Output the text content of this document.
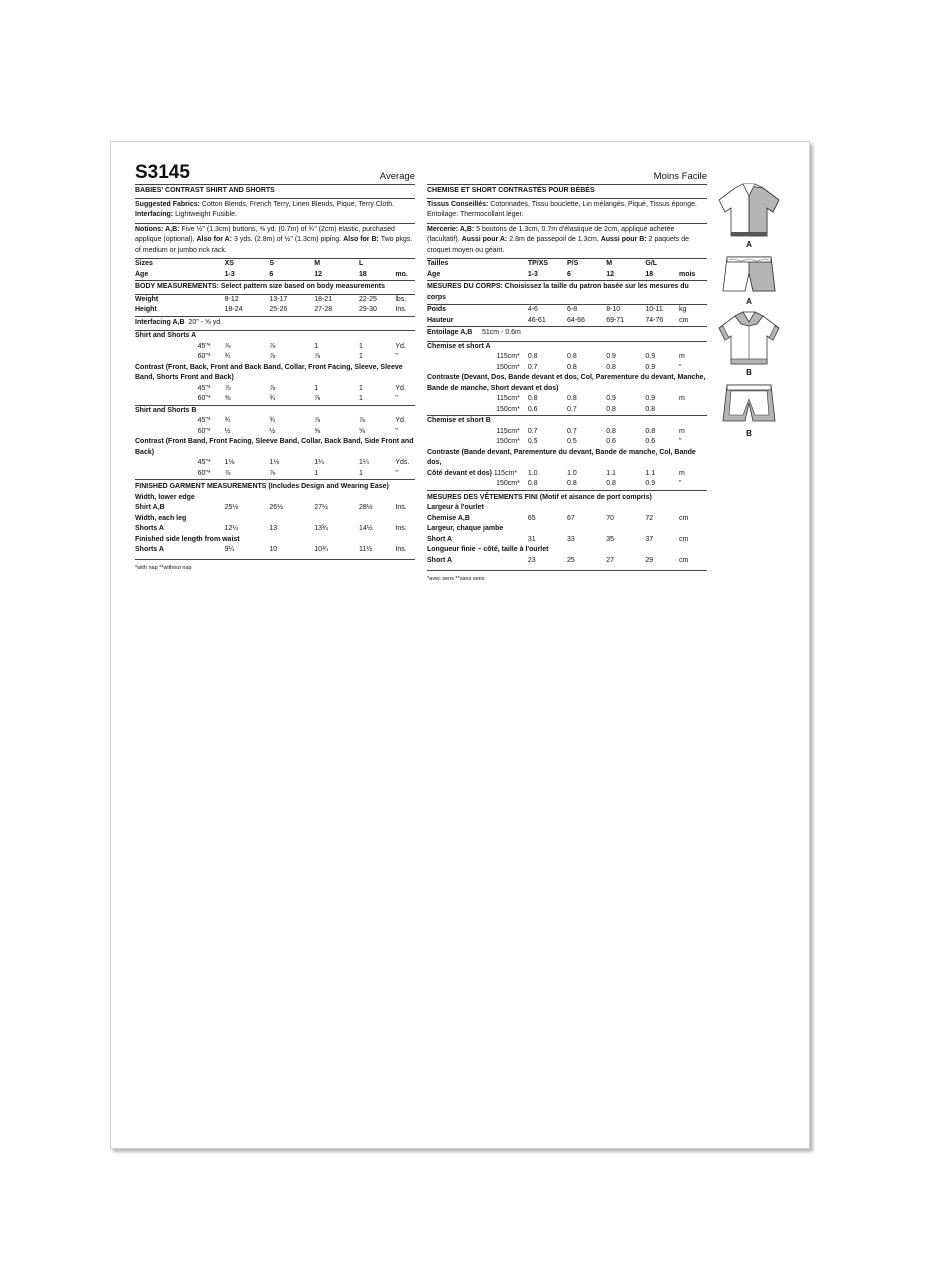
S3145	Average
BABIES' CONTRAST SHIRT AND SHORTS
Suggested Fabrics: Cotton Blends, French Terry, Linen Blends, Pique, Terry Cloth.
Interfacing: Lightweight Fusible.
Notions: A,B: Five ½" (1.3cm) buttons, ⅜ yd. (0.7m) of ¾" (2cm) elastic, purchased applique (optional). Also for A: 3 yds. (2.8m) of ½" (1.3cm) piping. Also for B: Two pkgs. of medium or jumbo rick rack.
Sizes	XS	S	M	L	
Age	1-3	6	12	18	mo.
BODY MEASUREMENTS: Select pattern size based on body measurements
Weight	8-12	13-17	18-21	22-25	lbs.
Height	18-24	25-26	27-28	29-30	Ins.
Interfacing A,B 20" - ⅝ yd.
Shirt and Shorts A					
45"*	⅞	⅞	1	1	Yd.
60"*	¾	⅞	⅞	1	"
Contrast (Front, Back, Front and Back Band, Collar, Front Facing, Sleeve, Sleeve Band, Shorts Front and Back)					
45"*	⅞	⅞	1	1	Yd.
60"*	⅝	¾	⅞	1	"
Shirt and Shorts B					
45"*	¾	¾	⅞	⅞	Yd.
60"*	½	½	⅝	⅝	"
Contrast (Front Band, Front Facing, Sleeve Band, Collar, Back Band, Side Front and Back)					
45"*	1⅛	1⅛	1¼	1¼	Yds.
60"*	⅞	⅞	1	1	"
FINISHED GARMENT MEASUREMENTS (Includes Design and Wearing Ease)
Width, lower edge					
Shirt A,B	25½	26½	27½	28½	Ins.
Width, each leg					
Shorts A	12¼	13	13¾	14½	Ins.
Finished side length from waist					
Shorts A	9¼	10	10¾	11½	Ins.
*with nap **without nap
Moins Facile
CHEMISE ET SHORT CONTRASTÉS POUR BÉBÉS
Tissus Conseillés: Cotonnades, Tissu bouclette, Lin mélangés, Piqué, Tissus éponge.
Entoilage: Thermocollant léger.
Mercerie: A,B: 5 boutons de 1.3cm, 0.7m d'élastique de 2cm, appliqué achetée (facultatif). Aussi pour A: 2.8m de passepoil de 1.3cm. Aussi pour B: 2 paquets de croquet moyen ou géant.
Tailles	TP/XS	P/S	M	G/L	
Âge	1-3	6	12	18	mois
MESURES DU CORPS: Choisissez la taille du patron basée sur les mesures du corps
Poids	4-6	6-8	8-10	10-11	kg
Hauteur	46-61	64-66	69-71	74-76	cm
Entoilage A,B 51cm - 0.6m
Chemise et short A					
115cm*	0.8	0.8	0.9	0.9	m
150cm*	0.7	0.8	0.8	0.9	"
Contraste (Devant, Dos, Bande devant et dos, Col, Parementure du devant, Manche, Bande de manche, Short devant et dos)					
115cm*	0.8	0.8	0.9	0.9	m
150cm*	0.6	0.7	0.8	0.8	
Chemise et short B					
115cm*	0.7	0.7	0.8	0.8	m
150cm*	0.5	0.5	0.6	0.6	"
Contraste (Bande devant, Parementure du devant, Bande de manche, Col, Bande dos,					
Côté devant et dos) 115cm*	1.0	1.0	1.1	1.1	m
150cm*	0.8	0.8	0.8	0.9	"
MESURES DES VÊTEMENTS FINI (Motif et aisance de port compris)
Largeur à l'ourlet					
Chemise A,B	65	67	70	72	cm
Largeur, chaque jambe					
Short A	31	33	35	37	cm
Longueur finie – côté, taille à l'ourlet					
Short A	23	25	27	29	cm
*avec sens **sans sens
A
A
B
B
